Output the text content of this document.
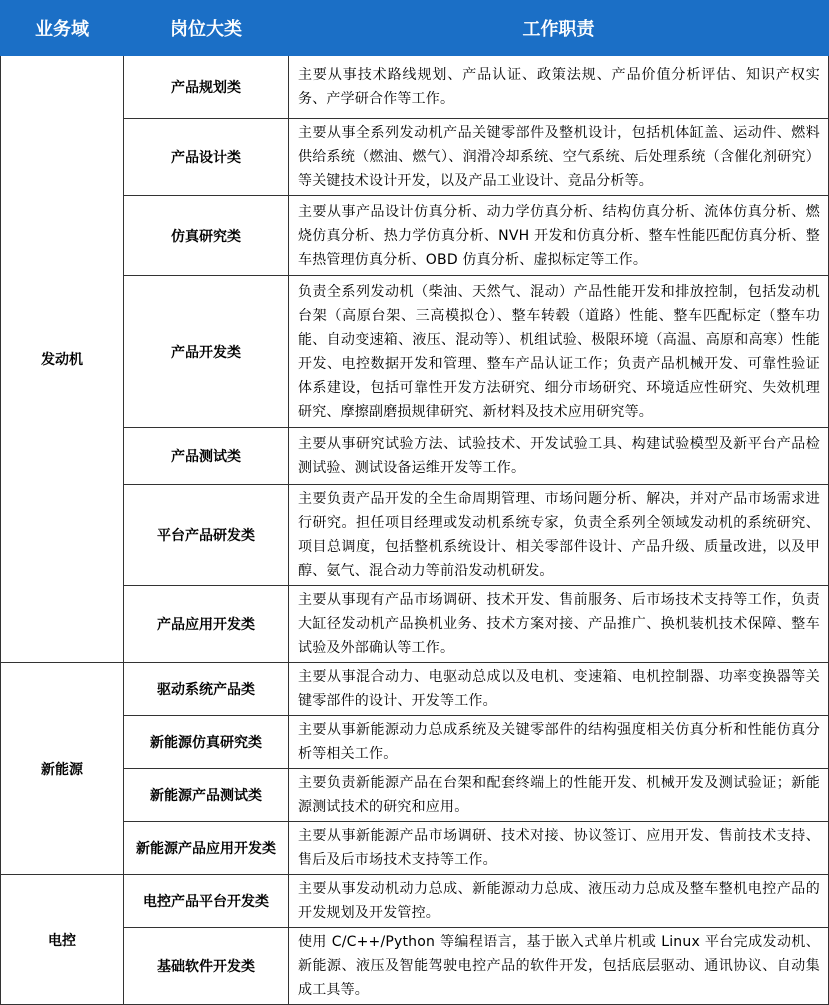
业务域	岗位大类	工作职责
发动机	产品规划类	主要从事技术路线规划、产品认证、政策法规、产品价值分析评估、知识产权实务、产学研合作等工作。
	产品设计类	主要从事全系列发动机产品关键零部件及整机设计，包括机体缸盖、运动件、燃料供给系统（燃油、燃气）、润滑冷却系统、空气系统、后处理系统（含催化剂研究）等关键技术设计开发，以及产品工业设计、竞品分析等。
	仿真研究类	主要从事产品设计仿真分析、动力学仿真分析、结构仿真分析、流体仿真分析、燃烧仿真分析、热力学仿真分析、NVH 开发和仿真分析、整车性能匹配仿真分析、整车热管理仿真分析、OBD 仿真分析、虚拟标定等工作。
	产品开发类	负责全系列发动机（柴油、天然气、混动）产品性能开发和排放控制，包括发动机台架（高原台架、三高模拟仓）、整车转毂（道路）性能、整车匹配标定（整车功能、自动变速箱、液压、混动等）、机组试验、极限环境（高温、高原和高寒）性能开发、电控数据开发和管理、整车产品认证工作；负责产品机械开发、可靠性验证体系建设，包括可靠性开发方法研究、细分市场研究、环境适应性研究、失效机理研究、摩擦副磨损规律研究、新材料及技术应用研究等。
	产品测试类	主要从事研究试验方法、试验技术、开发试验工具、构建试验模型及新平台产品检测试验、测试设备运维开发等工作。
	平台产品研发类	主要负责产品开发的全生命周期管理、市场问题分析、解决，并对产品市场需求进行研究。担任项目经理或发动机系统专家，负责全系列全领域发动机的系统研究、项目总调度，包括整机系统设计、相关零部件设计、产品升级、质量改进，以及甲醇、氨气、混合动力等前沿发动机研发。
	产品应用开发类	主要从事现有产品市场调研、技术开发、售前服务、后市场技术支持等工作，负责大缸径发动机产品换机业务、技术方案对接、产品推广、换机装机技术保障、整车试验及外部确认等工作。
新能源	驱动系统产品类	主要从事混合动力、电驱动总成以及电机、变速箱、电机控制器、功率变换器等关键零部件的设计、开发等工作。
	新能源仿真研究类	主要从事新能源动力总成系统及关键零部件的结构强度相关仿真分析和性能仿真分析等相关工作。
	新能源产品测试类	主要负责新能源产品在台架和配套终端上的性能开发、机械开发及测试验证；新能源测试技术的研究和应用。
	新能源产品应用开发类	主要从事新能源产品市场调研、技术对接、协议签订、应用开发、售前技术支持、售后及后市场技术支持等工作。
电控	电控产品平台开发类	主要从事发动机动力总成、新能源动力总成、液压动力总成及整车整机电控产品的开发规划及开发管控。
	基础软件开发类	使用 C/C++/Python 等编程语言，基于嵌入式单片机或 Linux 平台完成发动机、新能源、液压及智能驾驶电控产品的软件开发，包括底层驱动、通讯协议、自动集成工具等。
